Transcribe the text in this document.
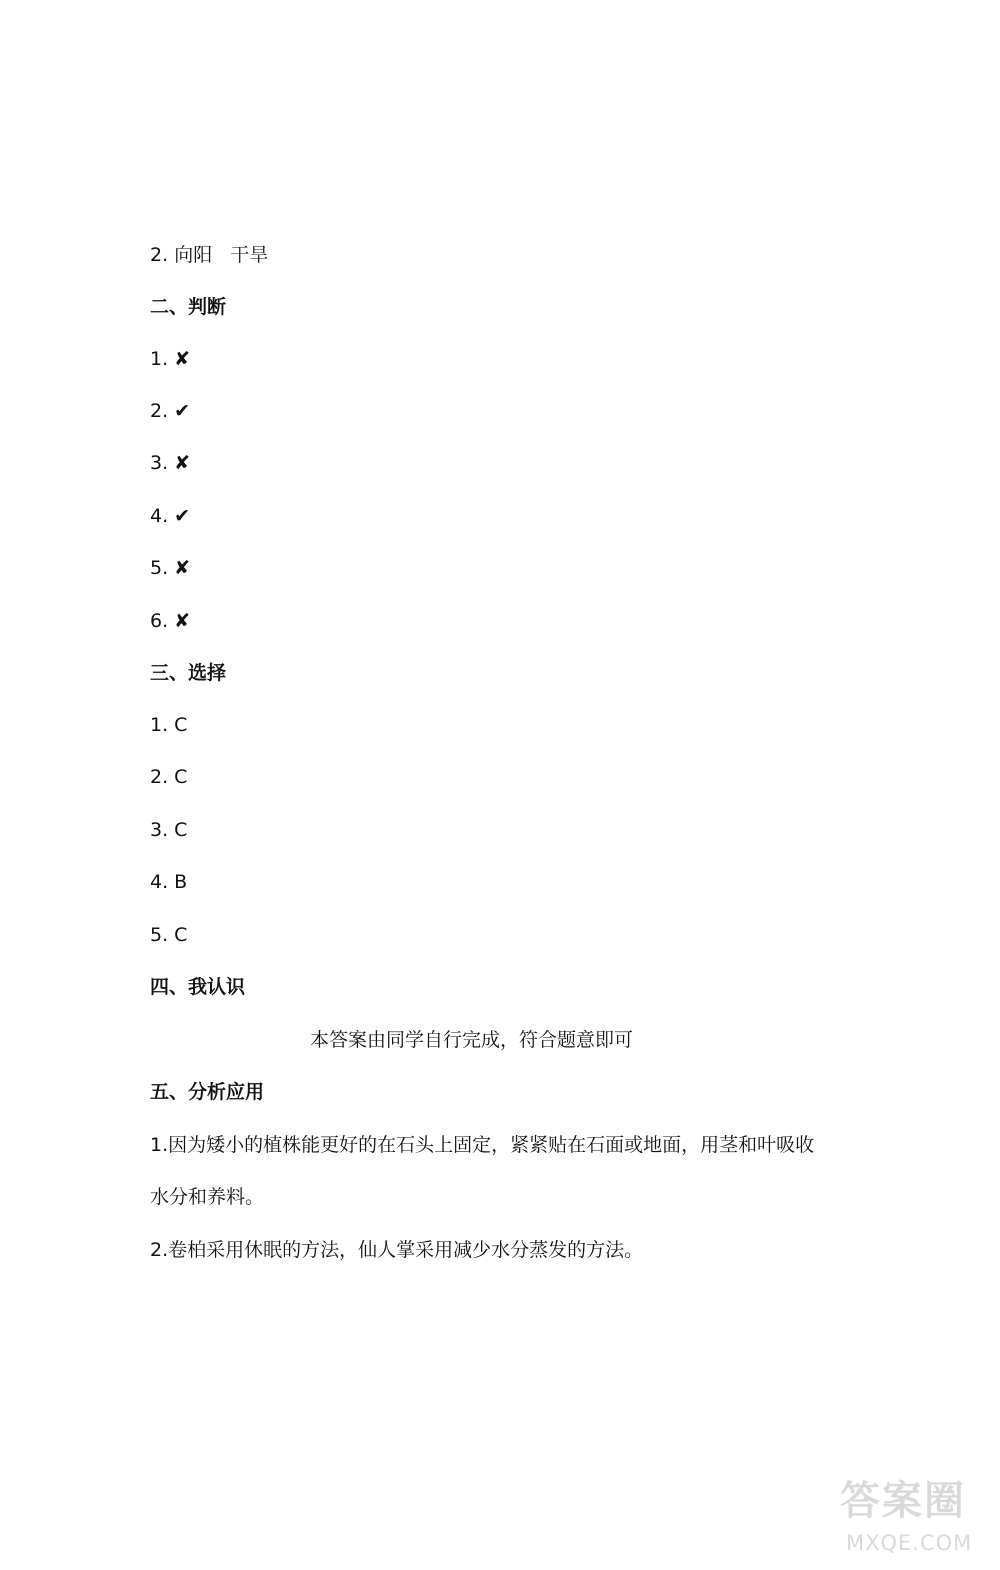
2. 向阳 干旱
二、判断
1. ✘
2. ✔
3. ✘
4. ✔
5. ✘
6. ✘
三、选择
1. C
2. C
3. C
4. B
5. C
四、我认识
本答案由同学自行完成，符合题意即可
五、分析应用
1.因为矮小的植株能更好的在石头上固定，紧紧贴在石面或地面，用茎和叶吸收
水分和养料。
2.卷柏采用休眠的方法，仙人掌采用减少水分蒸发的方法。
答案圈
MXQE.COM
